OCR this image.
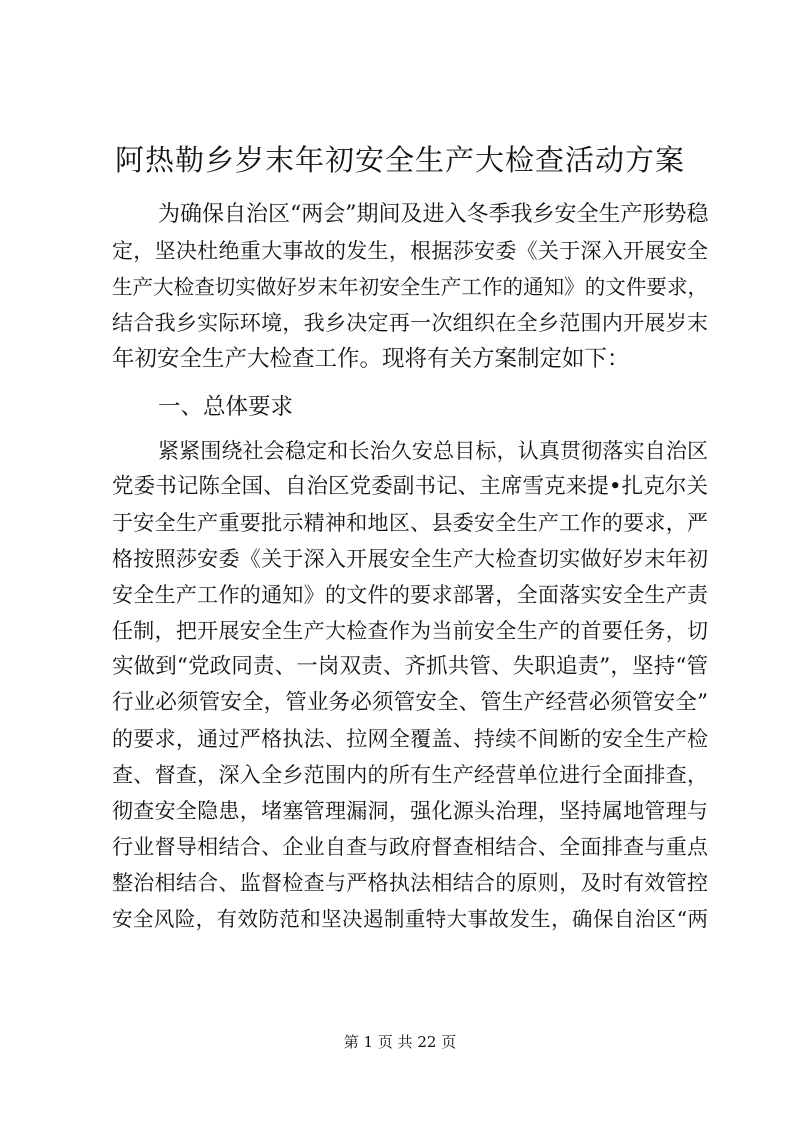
阿热勒乡岁末年初安全生产大检查活动方案

为确保自治区“两会”期间及进入冬季我乡安全生产形势稳

定，坚决杜绝重大事故的发生，根据莎安委《关于深入开展安全

生产大检查切实做好岁末年初安全生产工作的通知》的文件要求，

结合我乡实际环境，我乡决定再一次组织在全乡范围内开展岁末

年初安全生产大检查工作。现将有关方案制定如下：

一、总体要求

紧紧围绕社会稳定和长治久安总目标，认真贯彻落实自治区

党委书记陈全国、自治区党委副书记、主席雪克来提•扎克尔关

于安全生产重要批示精神和地区、县委安全生产工作的要求，严

格按照莎安委《关于深入开展安全生产大检查切实做好岁末年初

安全生产工作的通知》的文件的要求部署，全面落实安全生产责

任制，把开展安全生产大检查作为当前安全生产的首要任务，切

实做到“党政同责、一岗双责、齐抓共管、失职追责”，坚持“管

行业必须管安全，管业务必须管安全、管生产经营必须管安全”

的要求，通过严格执法、拉网全覆盖、持续不间断的安全生产检

查、督查，深入全乡范围内的所有生产经营单位进行全面排查，

彻查安全隐患，堵塞管理漏洞，强化源头治理，坚持属地管理与

行业督导相结合、企业自查与政府督查相结合、全面排查与重点

整治相结合、监督检查与严格执法相结合的原则，及时有效管控

安全风险，有效防范和坚决遏制重特大事故发生，确保自治区“两

第 1 页 共 22 页
